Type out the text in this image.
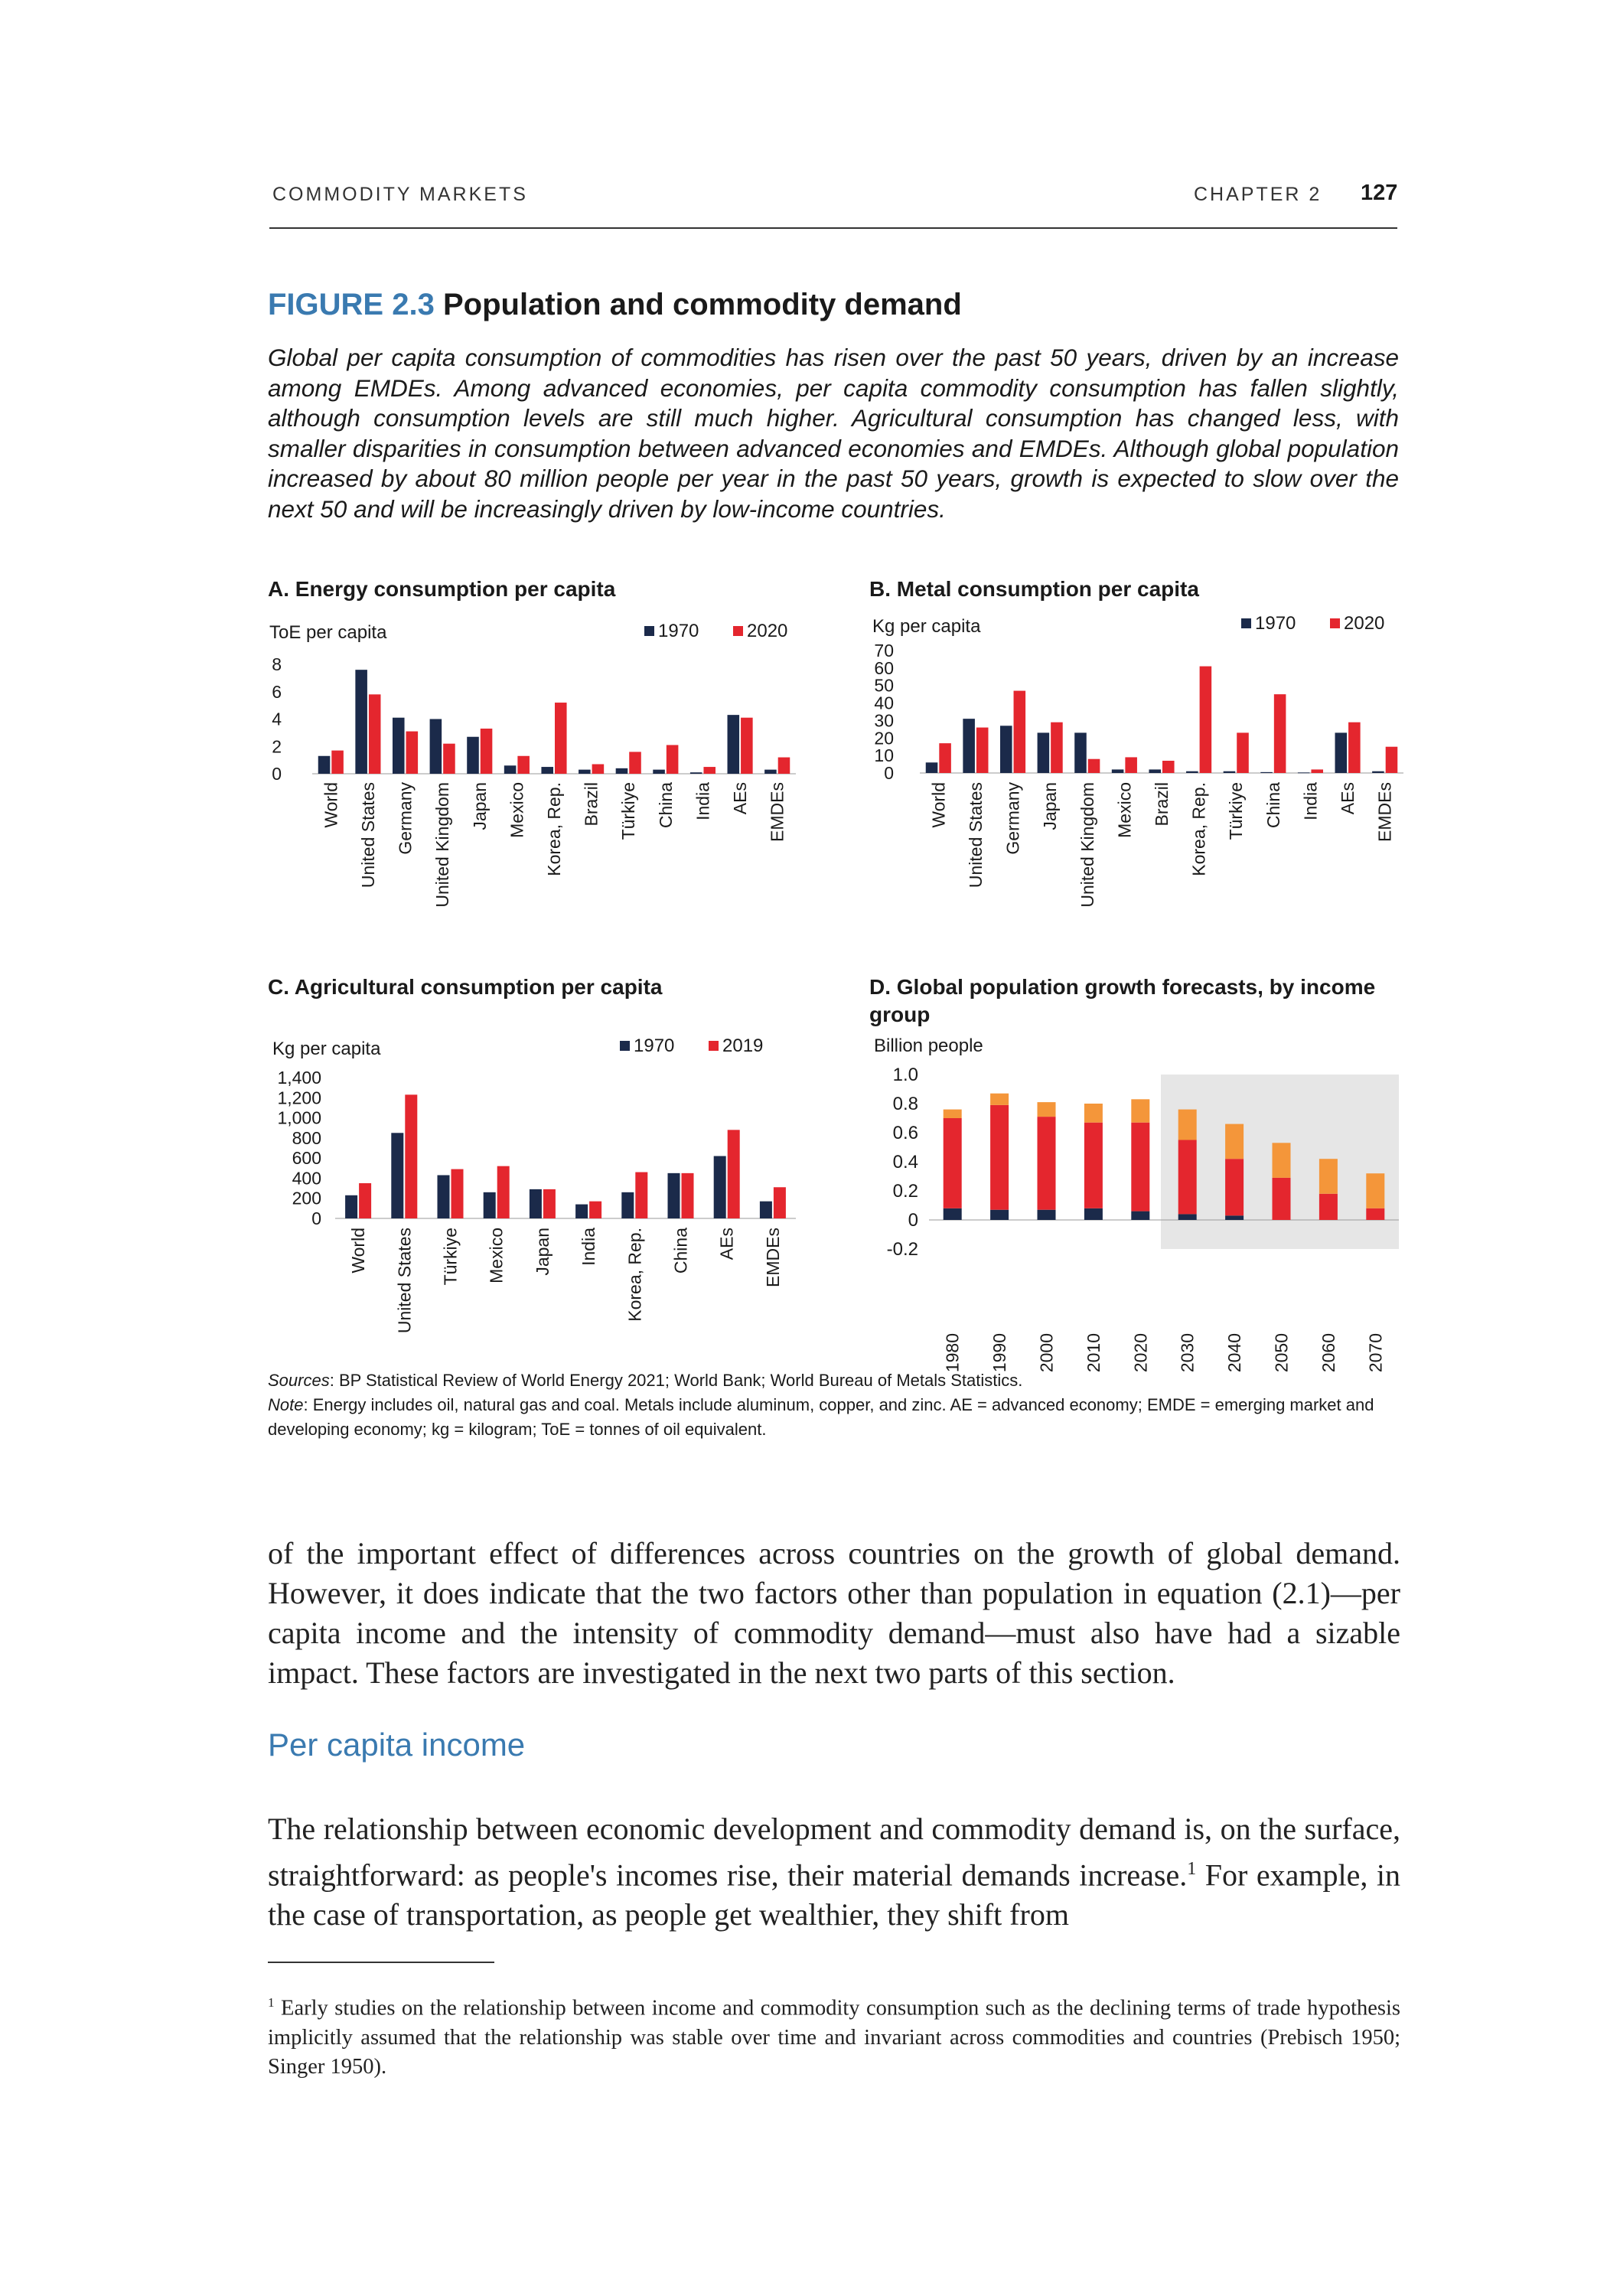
COMMODITY MARKETS	CHAPTER 2 127
FIGURE 2.3 Population and commodity demand
Global per capita consumption of commodities has risen over the past 50 years, driven by an increase among EMDEs. Among advanced economies, per capita commodity consumption has fallen slightly, although consumption levels are still much higher. Agricultural consumption has changed less, with smaller disparities in consumption between advanced economies and EMDEs. Although global population increased by about 80 million people per year in the past 50 years, growth is expected to slow over the next 50 and will be increasingly driven by low-income countries.
A. Energy consumption per capita	B. Metal consumption per capita
C. Agricultural consumption per capita	D. Global population growth forecasts, by income group
ToE per capita
8
6
4
2
0
World United States Germany United Kingdom Japan Mexico Korea, Rep. Brazil Türkiye China India AEs EMDEs
1970	2020	Kg per capita
70
60
50
40
30
20
10
0
World United States Germany Japan United Kingdom Mexico Brazil Korea, Rep. Türkiye China India AEs EMDEs
1970	2020
Kg per capita
1,400
1,200
1,000
800
600
400
200
0
World United States Türkiye Mexico Japan India Korea, Rep. China AEs EMDEs
1970	2019	Billion people
1.0
0.8
0.6
0.4
0.2
0
-0.2
1980 1990 2000 2010 2020 2030 2040 2050 2060 2070
Sources: BP Statistical Review of World Energy 2021; World Bank; World Bureau of Metals Statistics.
Note: Energy includes oil, natural gas and coal. Metals include aluminum, copper, and zinc. AE = advanced economy; EMDE = emerging market and developing economy; kg = kilogram; ToE = tonnes of oil equivalent.
of the important effect of differences across countries on the growth of global demand. However, it does indicate that the two factors other than population in equation (2.1)—per capita income and the intensity of commodity demand—must also have had a sizable impact. These factors are investigated in the next two parts of this section.
Per capita income
The relationship between economic development and commodity demand is, on the surface, straightforward: as people's incomes rise, their material demands increase.$^1$ For example, in the case of transportation, as people get wealthier, they shift from
$^1$ Early studies on the relationship between income and commodity consumption such as the declining terms of trade hypothesis implicitly assumed that the relationship was stable over time and invariant across commodities and countries (Prebisch 1950; Singer 1950).
